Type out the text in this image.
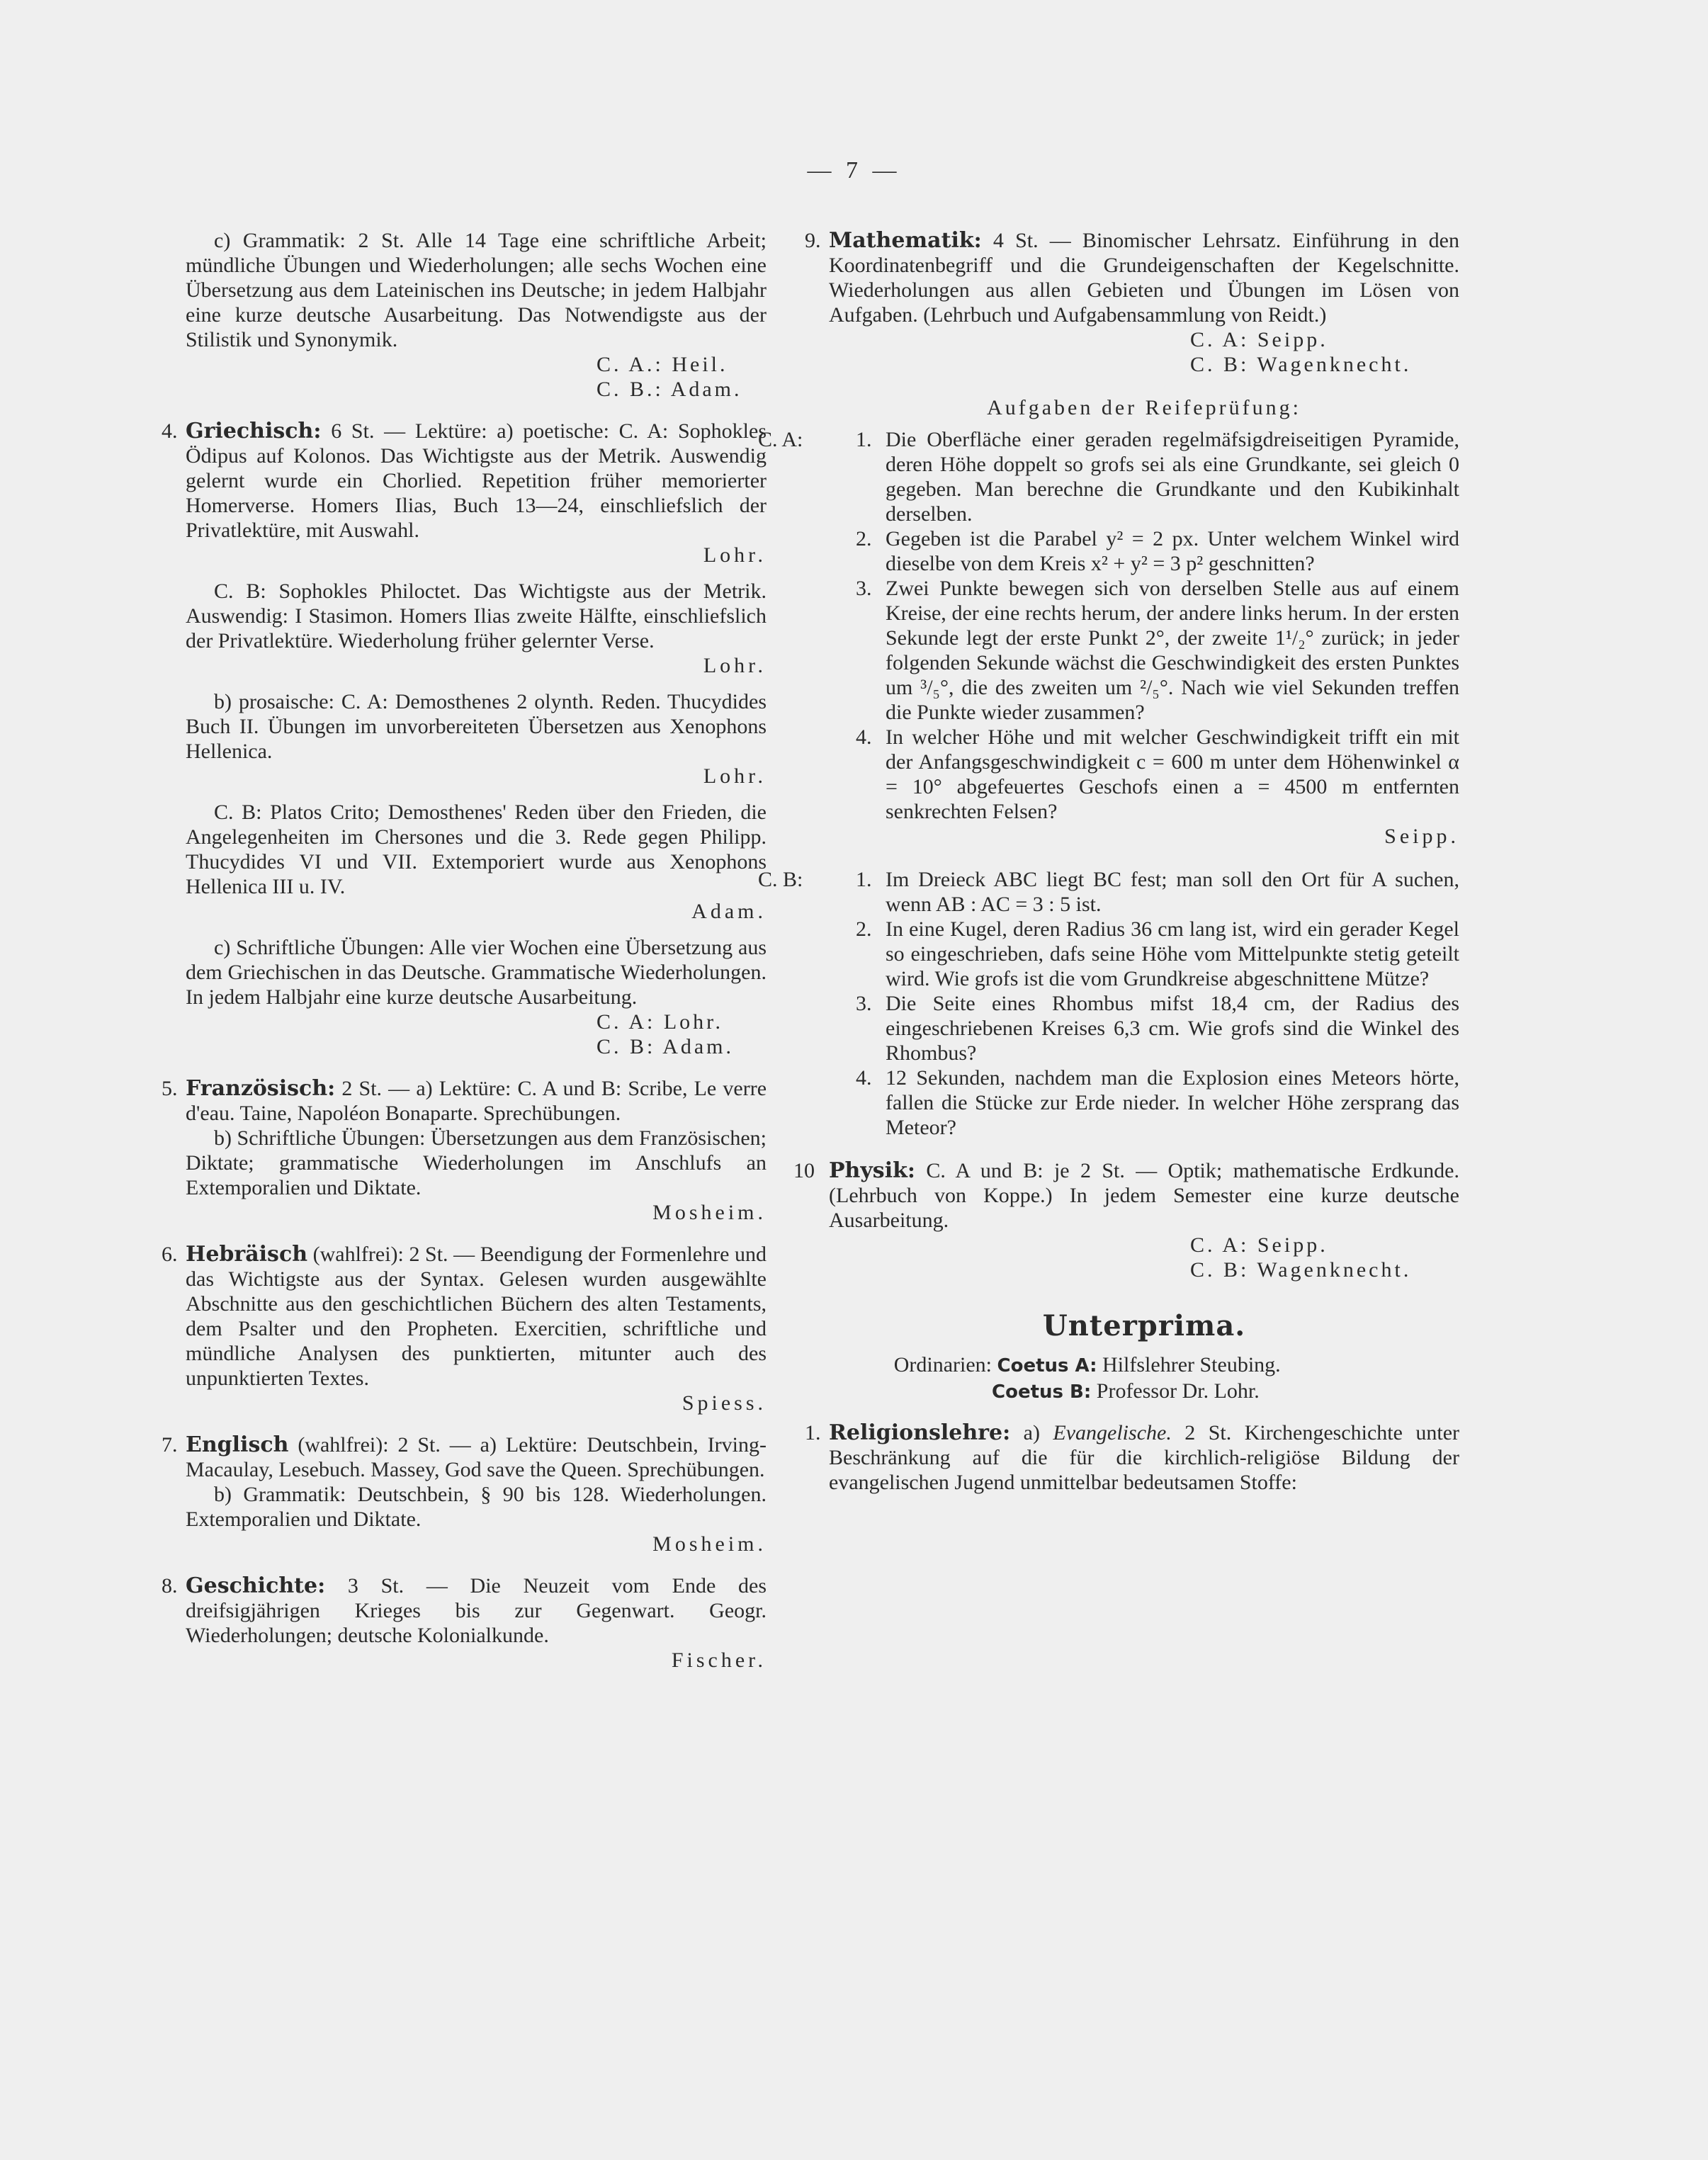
— 7 —

c) Grammatik: 2 St. Alle 14 Tage eine schriftliche Arbeit; mündliche Übungen und Wiederholungen; alle sechs Wochen eine Übersetzung aus dem Lateinischen ins Deutsche; in jedem Halbjahr eine kurze deutsche Ausarbeitung. Das Notwendigste aus der Stilistik und Synonymik.

C. A.: Heil.

C. B.: Adam.

4. Griechisch: 6 St. — Lektüre: a) poetische: C. A: Sophokles Ödipus auf Kolonos. Das Wichtigste aus der Metrik. Auswendig gelernt wurde ein Chorlied. Repetition früher memorierter Homerverse. Homers Ilias, Buch 13—24, einschliefslich der Privatlektüre, mit Auswahl.

Lohr.

C. B: Sophokles Philoctet. Das Wichtigste aus der Metrik. Auswendig: I Stasimon. Homers Ilias zweite Hälfte, einschliefslich der Privatlektüre. Wiederholung früher gelernter Verse.

Lohr.

b) prosaische: C. A: Demosthenes 2 olynth. Reden. Thucydides Buch II. Übungen im unvorbereiteten Übersetzen aus Xenophons Hellenica.

Lohr.

C. B: Platos Crito; Demosthenes' Reden über den Frieden, die Angelegenheiten im Chersones und die 3. Rede gegen Philipp. Thucydides VI und VII. Extemporiert wurde aus Xenophons Hellenica III u. IV.

Adam.

c) Schriftliche Übungen: Alle vier Wochen eine Übersetzung aus dem Griechischen in das Deutsche. Grammatische Wiederholungen. In jedem Halbjahr eine kurze deutsche Ausarbeitung.

C. A: Lohr.

C. B: Adam.

5. Französisch: 2 St. — a) Lektüre: C. A und B: Scribe, Le verre d'eau. Taine, Napoléon Bonaparte. Sprechübungen.

b) Schriftliche Übungen: Übersetzungen aus dem Französischen; Diktate; grammatische Wiederholungen im Anschlufs an Extemporalien und Diktate.

Mosheim.

6. Hebräisch (wahlfrei): 2 St. — Beendigung der Formenlehre und das Wichtigste aus der Syntax. Gelesen wurden ausgewählte Abschnitte aus den geschichtlichen Büchern des alten Testaments, dem Psalter und den Propheten. Exercitien, schriftliche und mündliche Analysen des punktierten, mitunter auch des unpunktierten Textes.

Spiess.

7. Englisch (wahlfrei): 2 St. — a) Lektüre: Deutschbein, Irving-Macaulay, Lesebuch. Massey, God save the Queen. Sprechübungen.

b) Grammatik: Deutschbein, § 90 bis 128. Wiederholungen. Extemporalien und Diktate.

Mosheim.

8. Geschichte: 3 St. — Die Neuzeit vom Ende des dreifsigjährigen Krieges bis zur Gegenwart. Geogr. Wiederholungen; deutsche Kolonialkunde.

Fischer.

9. Mathematik: 4 St. — Binomischer Lehrsatz. Einführung in den Koordinatenbegriff und die Grundeigenschaften der Kegelschnitte. Wiederholungen aus allen Gebieten und Übungen im Lösen von Aufgaben. (Lehrbuch und Aufgabensammlung von Reidt.)

C. A: Seipp.

C. B: Wagenknecht.

Aufgaben der Reifeprüfung:

C. A: 1. Die Oberfläche einer geraden regelmäfsigdreiseitigen Pyramide, deren Höhe doppelt so grofs sei als eine Grundkante, sei gleich 0 gegeben. Man berechne die Grundkante und den Kubikinhalt derselben.

2. Gegeben ist die Parabel y² = 2 px. Unter welchem Winkel wird dieselbe von dem Kreis x² + y² = 3 p² geschnitten?

3. Zwei Punkte bewegen sich von derselben Stelle aus auf einem Kreise, der eine rechts herum, der andere links herum. In der ersten Sekunde legt der erste Punkt 2°, der zweite 1¹/₂° zurück; in jeder folgenden Sekunde wächst die Geschwindigkeit des ersten Punktes um ³/₅°, die des zweiten um ²/₅°. Nach wie viel Sekunden treffen die Punkte wieder zusammen?

4. In welcher Höhe und mit welcher Geschwindigkeit trifft ein mit der Anfangsgeschwindigkeit c = 600 m unter dem Höhenwinkel α = 10° abgefeuertes Geschofs einen a = 4500 m entfernten senkrechten Felsen?

Seipp.

C. B: 1. Im Dreieck ABC liegt BC fest; man soll den Ort für A suchen, wenn AB : AC = 3 : 5 ist.

2. In eine Kugel, deren Radius 36 cm lang ist, wird ein gerader Kegel so eingeschrieben, dafs seine Höhe vom Mittelpunkte stetig geteilt wird. Wie grofs ist die vom Grundkreise abgeschnittene Mütze?

3. Die Seite eines Rhombus mifst 18,4 cm, der Radius des eingeschriebenen Kreises 6,3 cm. Wie grofs sind die Winkel des Rhombus?

4. 12 Sekunden, nachdem man die Explosion eines Meteors hörte, fallen die Stücke zur Erde nieder. In welcher Höhe zersprang das Meteor?

10 Physik: C. A und B: je 2 St. — Optik; mathematische Erdkunde. (Lehrbuch von Koppe.) In jedem Semester eine kurze deutsche Ausarbeitung.

C. A: Seipp.

C. B: Wagenknecht.

Unterprima.
Ordinarien: Coetus A: Hilfslehrer Steubing.
Coetus B: Professor Dr. Lohr.
1. Religionslehre: a) Evangelische. 2 St. Kirchengeschichte unter Beschränkung auf die für die kirchlich-religiöse Bildung der evangelischen Jugend unmittelbar bedeutsamen Stoffe:
